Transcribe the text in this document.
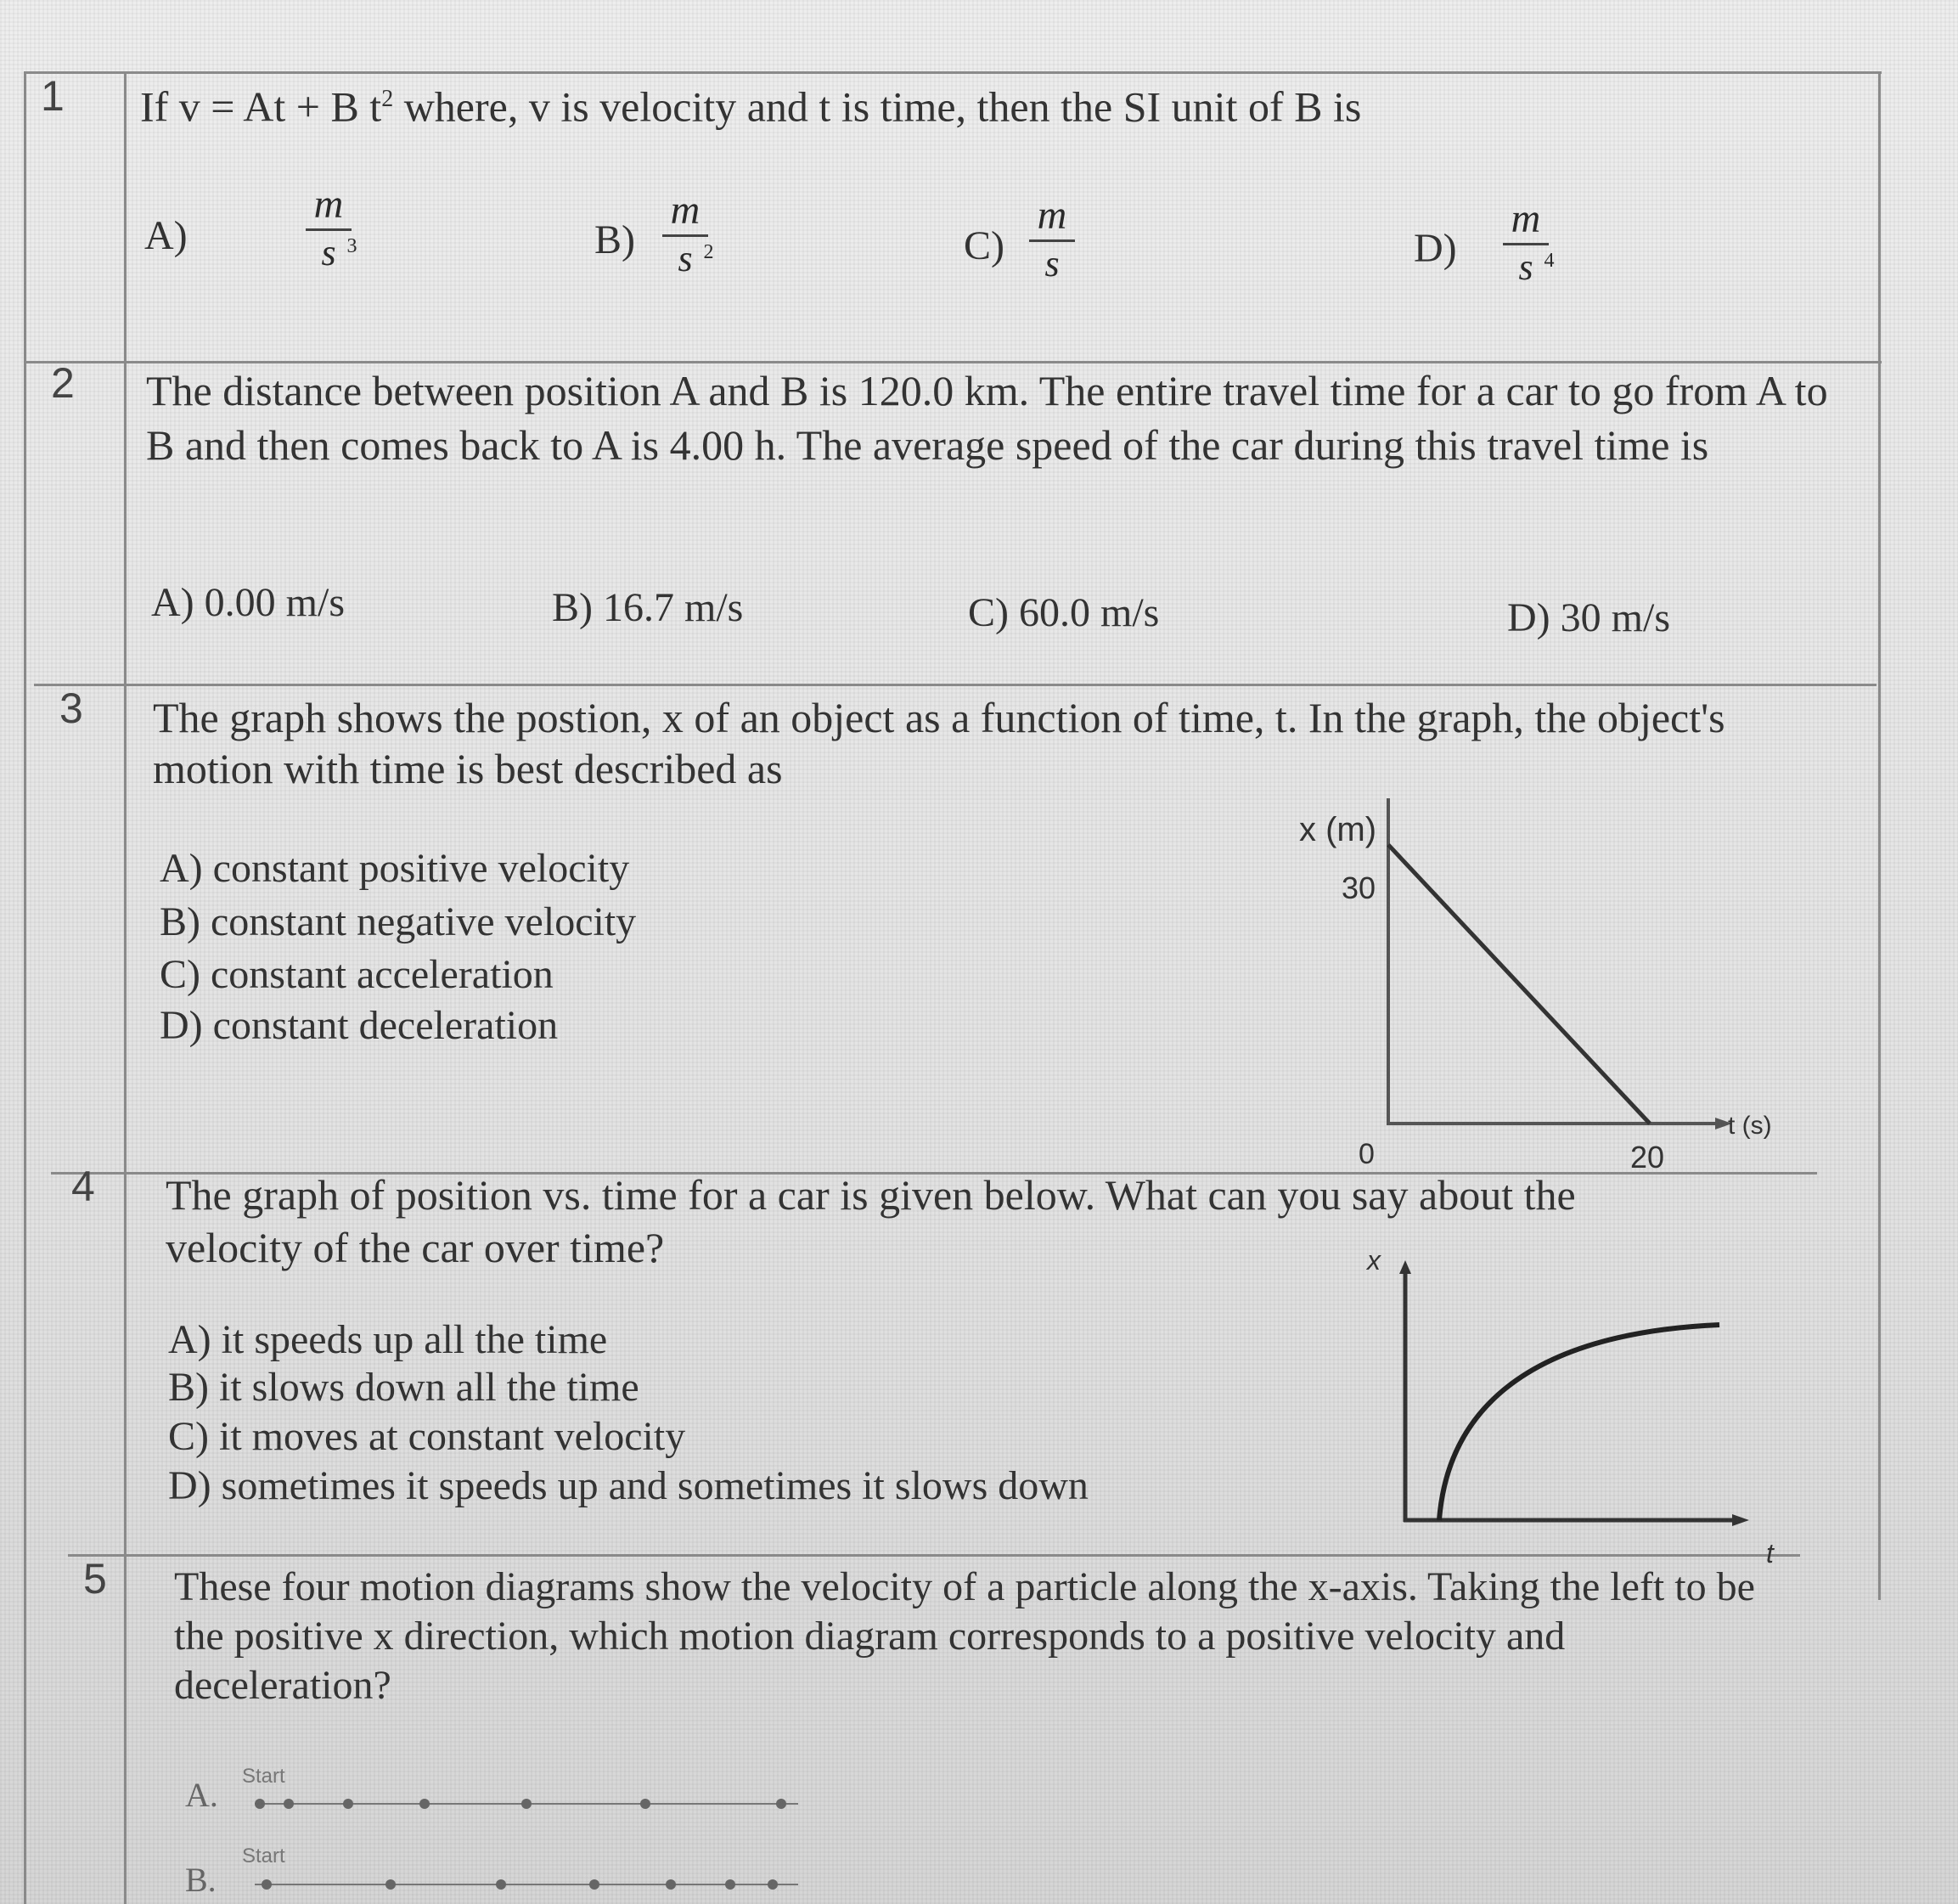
1 If v = At + B $t^2$ where, v is velocity and t is time, then the SI unit of B is
A)
m
s 3	B)
m
s 2	C)
m
s	D)
m
s 4
2 The distance between position A and B is 120.0 km. The entire travel time for a car to go from A to B and then comes back to A is 4.00 h. The average speed of the car during this travel time is
A) 0.00 m/s	B) 16.7 m/s	C) 60.0 m/s	D) 30 m/s
3 The graph shows the postion, x of an object as a function of time, t. In the graph, the object's motion with time is best described as
A) constant positive velocity
B) constant negative velocity
C) constant acceleration
D) constant deceleration
x (m)
30
0	20
t (s)
4 The graph of position vs. time for a car is given below. What can you say about the velocity of the car over time?
A) it speeds up all the time
B) it slows down all the time
C) it moves at constant velocity
D) sometimes it speeds up and sometimes it slows down
x
t
5 These four motion diagrams show the velocity of a particle along the x-axis. Taking the left to be the positive x direction, which motion diagram corresponds to a positive velocity and deceleration?
A. Start
B.
Start
